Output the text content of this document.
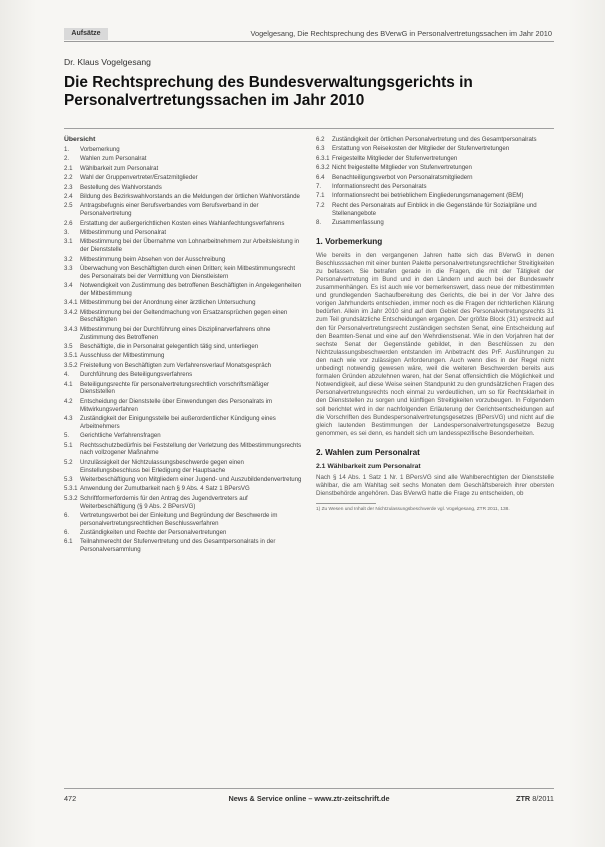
Aufsätze	Vogelgesang, Die Rechtsprechung des BVerwG in Personalvertretungssachen im Jahr 2010
Dr. Klaus Vogelgesang
Die Rechtsprechung des Bundesverwaltungsgerichts in Personalvertretungssachen im Jahr 2010
Übersicht
1.	Vorbemerkung
2.	Wahlen zum Personalrat
2.1	Wählbarkeit zum Personalrat
2.2	Wahl der Gruppenvertreter/Ersatzmitglieder
2.3	Bestellung des Wahlvorstands
2.4	Bildung des Bezirkswahlvorstands an die Meldungen der örtlichen Wahlvorstände
2.5	Antragsbefugnis einer Berufsverbandes vom Berufsverband in der Personalvertretung
2.6	Erstattung der außergerichtlichen Kosten eines Wahlanfechtungsverfahrens
3.	Mitbestimmung und Personalrat
3.1	Mitbestimmung bei der Übernahme von Lohnarbeitnehmern zur Arbeitsleistung in der Dienststelle
3.2	Mitbestimmung beim Absehen von der Ausschreibung
3.3	Überwachung von Beschäftigten durch einen Dritten; kein Mitbestimmungsrecht des Personalrats bei der Vermittlung von Dienstleistern
3.4	Notwendigkeit von Zustimmung des betroffenen Beschäftigten in Angelegenheiten der Mitbestimmung
3.4.1 Mitbestimmung bei der Anordnung einer ärztlichen Untersuchung
3.4.2 Mitbestimmung bei der Geltendmachung von Ersatzansprüchen gegen einen Beschäftigten
3.4.3 Mitbestimmung bei der Durchführung eines Disziplinarverfahrens ohne Zustimmung des Betroffenen
3.5	Beschäftigte, die in Personalrat gelegentlich tätig sind, unterliegen
3.5.1 Ausschluss der Mitbestimmung
3.5.2 Freistellung von Beschäftigten zum Verfahrensverlauf Monatsgespräch
4.	Durchführung des Beteiligungsverfahrens
4.1	Beteiligungsrechte für personalvertretungsrechtlich vorschriftsmäßiger Dienststellen
4.2	Entscheidung der Dienststelle über Einwendungen des Personalrats im Mitwirkungsverfahren
4.3	Zuständigkeit der Einigungsstelle bei außerordentlicher Kündigung eines Arbeitnehmers
5.	Gerichtliche Verfahrensfragen
5.1	Rechtsschutzbedürfnis bei Feststellung der Verletzung des Mitbestimmungsrechts nach vollzogener Maßnahme
5.2	Unzulässigkeit der Nichtzulassungsbeschwerde gegen einen Einstellungsbeschluss bei Erledigung der Hauptsache
5.3	Weiterbeschäftigung von Mitgliedern einer Jugend- und Auszubildendenvertretung
5.3.1 Anwendung der Zumutbarkeit nach § 9 Abs. 4 Satz 1 BPersVG
5.3.2 Schriftformerfordernis für den Antrag des Jugendvertreters auf Weiterbeschäftigung (§ 9 Abs. 2 BPersVG)
6.	Vertretungsverbot bei der Einleitung und Begründung der Beschwerde im personalvertretungsrechtlichen Beschlussverfahren
6.	Zuständigkeiten und Rechte der Personalvertretungen
6.1	Teilnahmerecht der Stufenvertretung und des Gesamtpersonalrats in der Personalversammlung
6.2	Zuständigkeit der örtlichen Personalvertretung und des Gesamtpersonalrats
6.3	Erstattung von Reisekosten der Mitglieder der Stufenvertretungen
6.3.1 Freigestellte Mitglieder der Stufenvertretungen
6.3.2 Nicht freigestellte Mitglieder von Stufenvertretungen
6.4	Benachteiligungsverbot von Personalratsmitgliedern
7.	Informationsrecht des Personalrats
7.1	Informationsrecht bei betrieblichem Eingliederungsmanagement (BEM)
7.2	Recht des Personalrats auf Einblick in die Gegenstände für Sozialpläne und Stellenangebote
8.	Zusammenfassung
1. Vorbemerkung
Wie bereits in den vergangenen Jahren hatte sich das BVerwG in denen Beschlusssachen mit einer bunten Palette personalvertretungsrechtlicher Streitigkeiten zu befassen. Sie betrafen gerade in die Fragen, die mit der Tätigkeit der Personalvertretung im Bund und in den Ländern und auch bei der Bundeswehr zusammenhängen. Es ist auch wie vor bemerkenswert, dass neue der mitbestimmten und grundlegenden Sachaufbereitung des Gerichts, die bei in der Vor Jahre des vorigen Jahrhunderts entschieden, immer noch es die Fragen der richterlichen Klärung bedürfen. Allein im Jahr 2010 sind auf dem Gebiet des Personalvertretungsrechts 31 zum Teil grundsätzliche Entscheidungen ergangen. Der größte Block (31) erstreckt auf den für Personalvertretungsrecht zuständigen sechsten Senat, eine Entscheidung auf den Beamten-Senat und eine auf den Wehrdienstsenat. Wie in den Vorjahren hat der sechste Senat der Gegenstände gebildet, in den Beschlüssen zu den Nichtzulassungsbeschwerden entstanden im Anbetracht des PrF. Ausführungen zu den nach wie vor zulässigen Anforderungen. Auch wenn dies in der Regel nicht unbedingt notwendig gewesen wäre, weil die weiteren Beschwerden bereits aus formalen Gründen abzulehnen waren, hat der Senat offensichtlich die Möglichkeit und Notwendigkeit, auf diese Weise seinen Standpunkt zu den grundsätzlichen Fragen des Personalvertretungsrechts noch einmal zu verdeutlichen, um so für Rechtsklarheit in den Dienststellen zu sorgen und künftigen Streitigkeiten vorzubeugen. In Folgendem soll berichtet wird in der nachfolgenden Erläuterung der Gerichtsentscheidungen auf die Vorschriften des Bundespersonalvertretungsgesetzes (BPersVG) und nicht auf die gleich lautenden Bestimmungen der Landespersonalvertretungsgesetze Bezug genommen, es sei denn, es handelt sich um landesspezifische Besonderheiten.
2. Wahlen zum Personalrat
2.1 Wählbarkeit zum Personalrat
Nach § 14 Abs. 1 Satz 1 Nr. 1 BPersVG sind alle Wahlberechtigten der Dienststelle wählbar, die am Wahltag seit sechs Monaten dem Geschäftsbereich ihrer obersten Dienstbehörde angehören. Das BVerwG hatte die Frage zu entscheiden, ob
1) Zu Wesen und Inhalt der Nichtzulassungsbeschwerde vgl. Vogelgesang, ZTR 2011, 138.
472	News & Service online – www.ztr-zeitschrift.de	ZTR 8/2011
